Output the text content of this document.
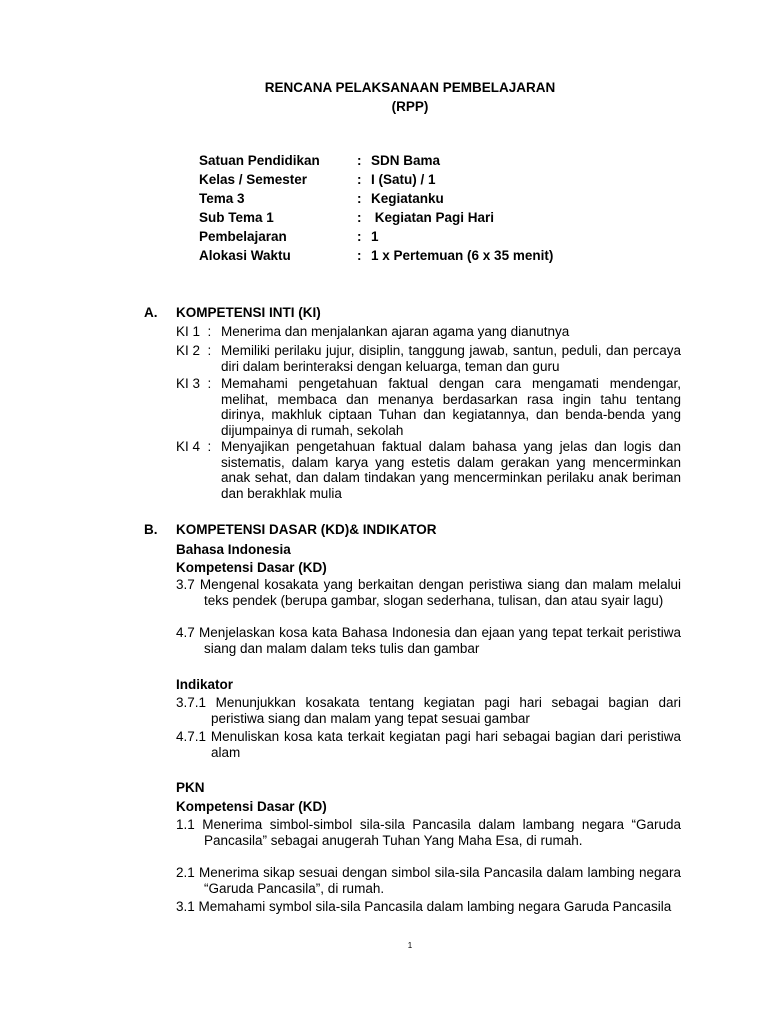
RENCANA PELAKSANAAN PEMBELAJARAN
(RPP)
Satuan Pendidikan	: SDN Bama
Kelas / Semester	: I (Satu) / 1
Tema 3	: Kegiatanku
Sub Tema 1	: Kegiatan Pagi Hari
Pembelajaran	: 1
Alokasi Waktu	: 1 x Pertemuan (6 x 35 menit)
A. KOMPETENSI INTI (KI)
KI 1  : Menerima dan menjalankan ajaran agama yang dianutnya
KI 2  : Memiliki perilaku jujur, disiplin, tanggung jawab, santun, peduli, dan percaya diri dalam berinteraksi dengan keluarga, teman dan guru
KI 3  : Memahami pengetahuan faktual dengan cara mengamati mendengar, melihat, membaca dan menanya berdasarkan rasa ingin tahu tentang dirinya, makhluk ciptaan Tuhan dan kegiatannya, dan benda-benda yang dijumpainya di rumah, sekolah
KI 4  : Menyajikan pengetahuan faktual dalam bahasa yang jelas dan logis dan sistematis, dalam karya yang estetis dalam gerakan yang mencerminkan anak sehat, dan dalam tindakan yang mencerminkan perilaku anak beriman dan berakhlak mulia
B. KOMPETENSI DASAR (KD)& INDIKATOR
Bahasa Indonesia
Kompetensi Dasar (KD)
3.7 Mengenal kosakata yang berkaitan dengan peristiwa siang dan malam melalui teks pendek (berupa gambar, slogan sederhana, tulisan, dan atau syair lagu)
4.7 Menjelaskan kosa kata Bahasa Indonesia dan ejaan yang tepat terkait peristiwa siang dan malam dalam teks tulis dan gambar
Indikator
3.7.1 Menunjukkan kosakata tentang kegiatan pagi hari sebagai bagian dari peristiwa siang dan malam yang tepat sesuai gambar
4.7.1 Menuliskan kosa kata terkait kegiatan pagi hari sebagai bagian dari peristiwa alam
PKN
Kompetensi Dasar (KD)
1.1 Menerima simbol-simbol sila-sila Pancasila dalam lambang negara “Garuda Pancasila” sebagai anugerah Tuhan Yang Maha Esa, di rumah.
2.1 Menerima sikap sesuai dengan simbol sila-sila Pancasila dalam lambing negara “Garuda Pancasila”, di rumah.
3.1 Memahami symbol sila-sila Pancasila dalam lambing negara Garuda Pancasila
1
